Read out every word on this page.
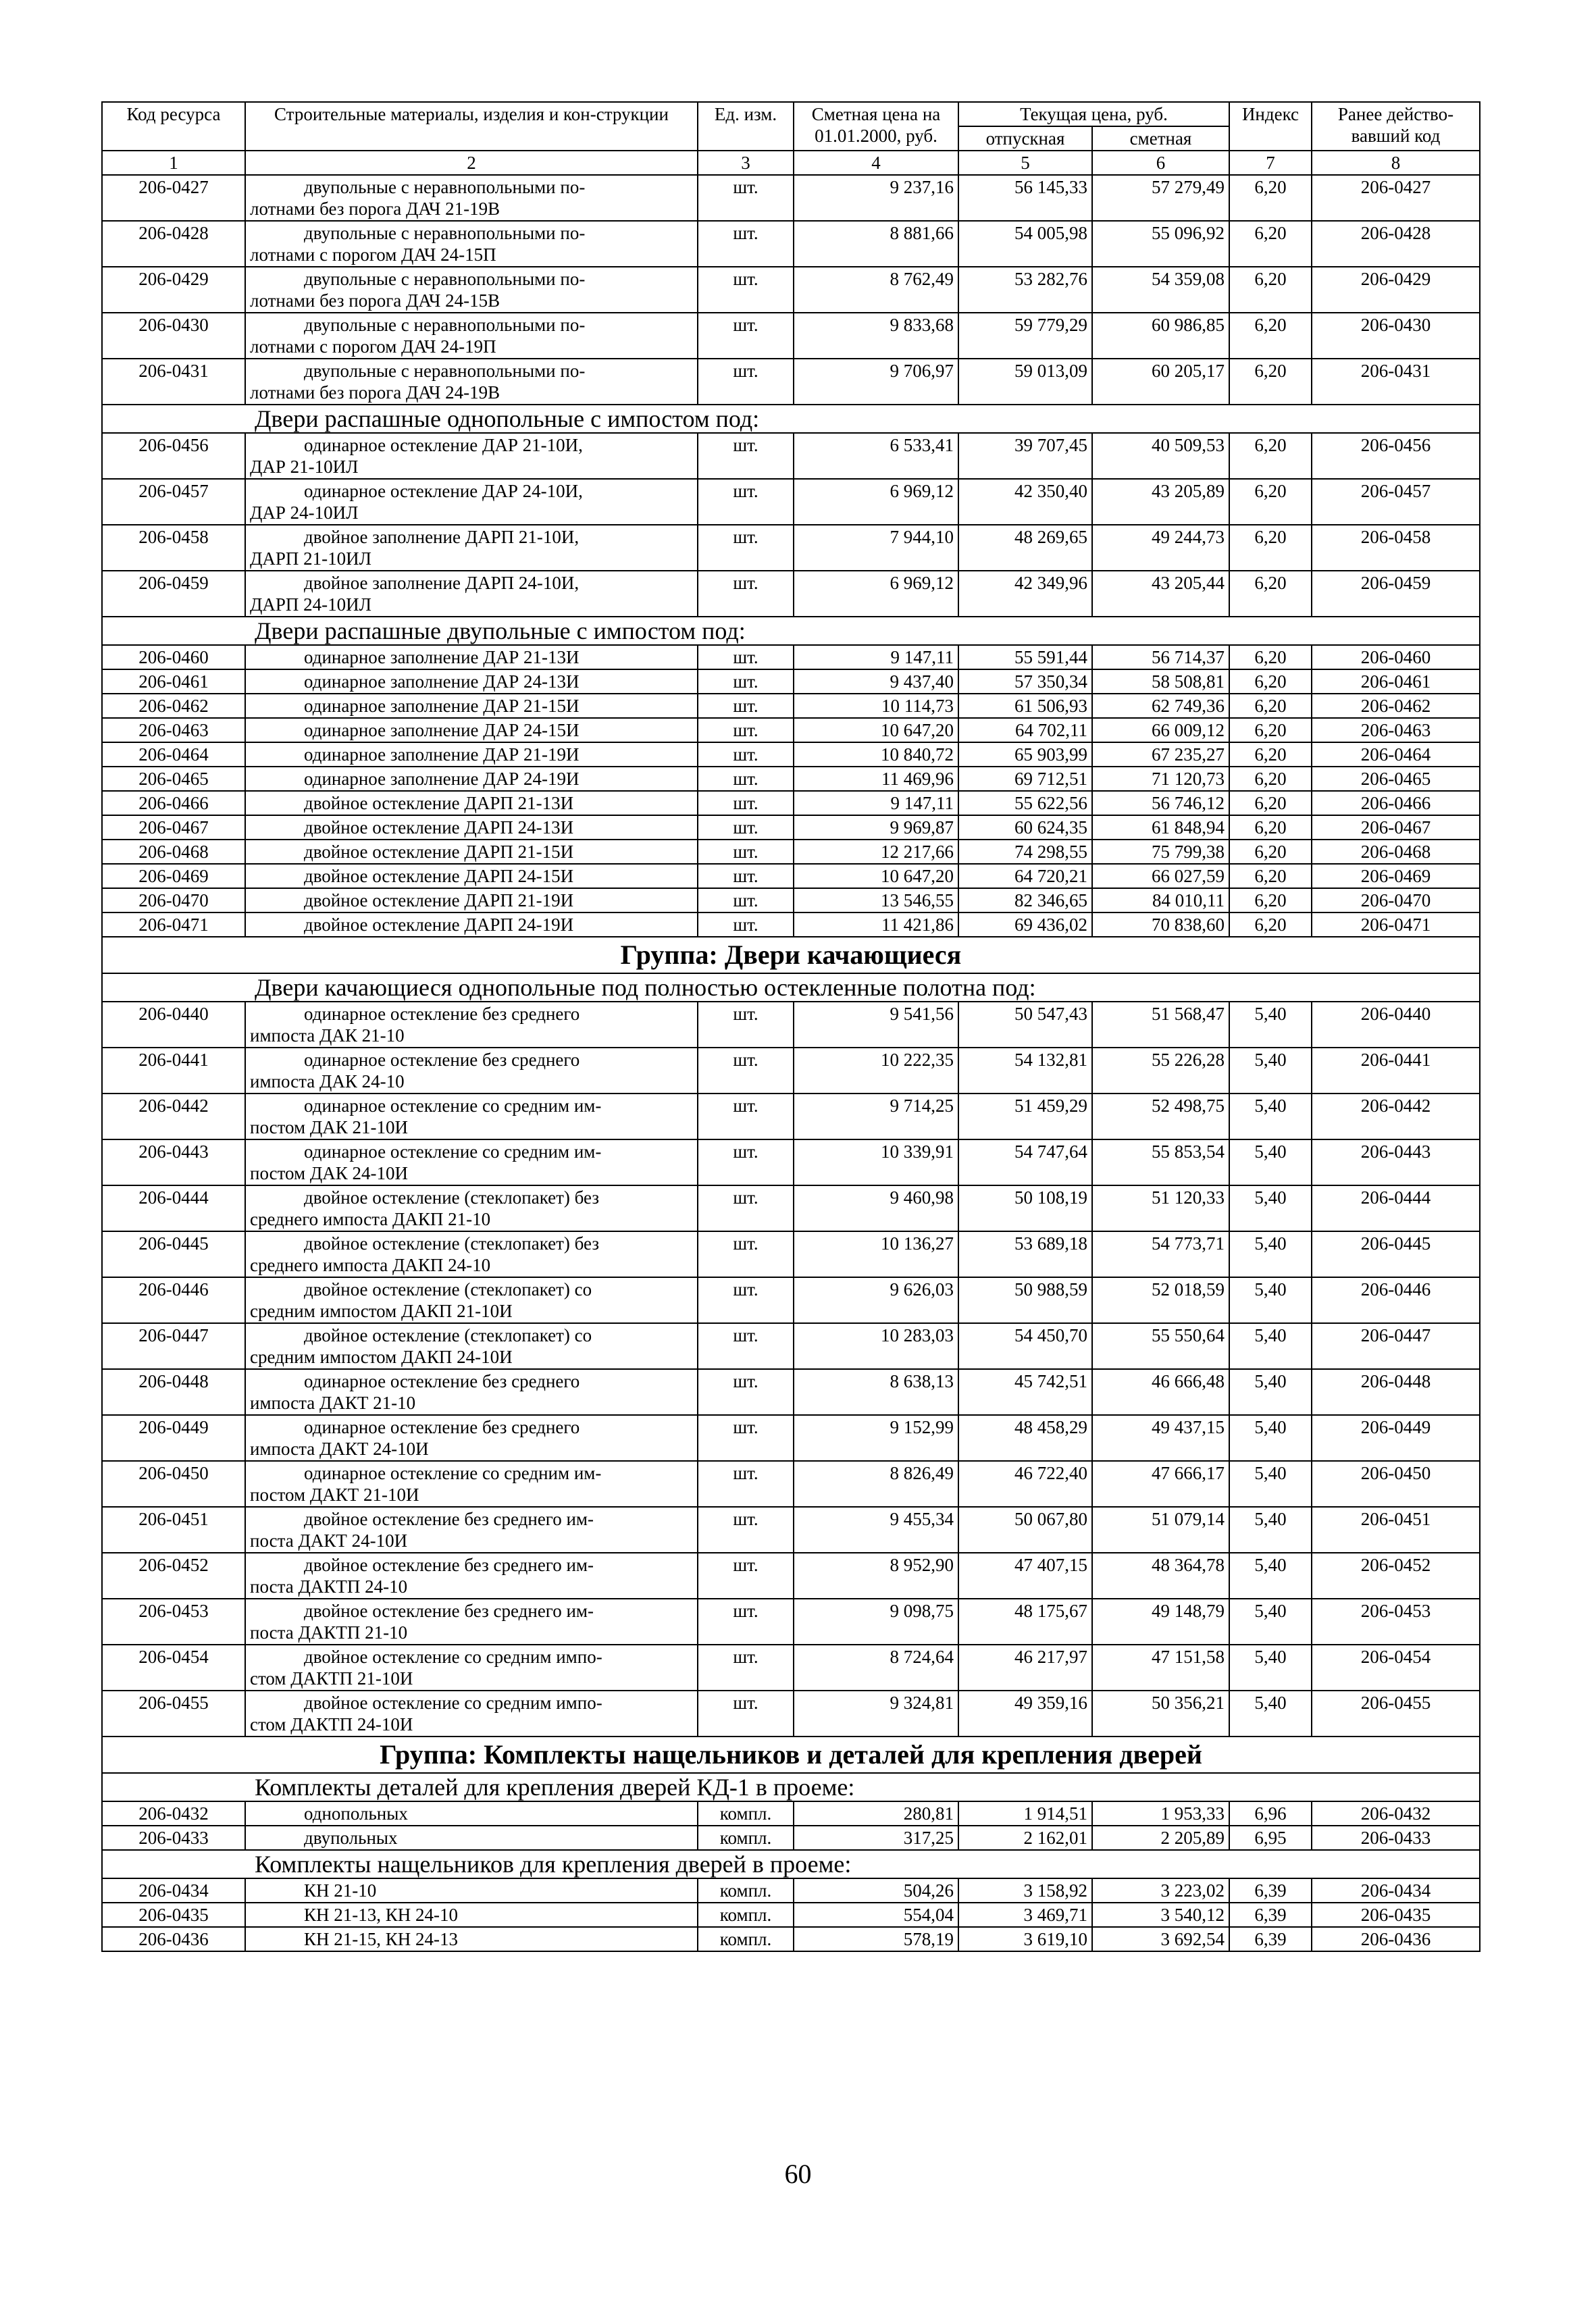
Код ресурса	Строительные материалы, изделия и кон-струкции	Ед. изм.	Сметная цена на 01.01.2000, руб.	Текущая цена, руб.		Индекс	Ранее действо-вавший код
				отпускная	сметная		
1	2	3	4	5	6	7	8
206-0427	двупольные с неравнопольными по-
лотнами без порога ДАЧ 21-19В	шт.	9 237,16	56 145,33	57 279,49	6,20	206-0427
206-0428	двупольные с неравнопольными по-
лотнами с порогом ДАЧ 24-15П	шт.	8 881,66	54 005,98	55 096,92	6,20	206-0428
206-0429	двупольные с неравнопольными по-
лотнами без порога ДАЧ 24-15В	шт.	8 762,49	53 282,76	54 359,08	6,20	206-0429
206-0430	двупольные с неравнопольными по-
лотнами с порогом ДАЧ 24-19П	шт.	9 833,68	59 779,29	60 986,85	6,20	206-0430
206-0431	двупольные с неравнопольными по-
лотнами без порога ДАЧ 24-19В	шт.	9 706,97	59 013,09	60 205,17	6,20	206-0431
Двери распашные однопольные с импостом под:							
206-0456	одинарное остекление ДАР 21-10И,
ДАР 21-10ИЛ	шт.	6 533,41	39 707,45	40 509,53	6,20	206-0456
206-0457	одинарное остекление ДАР 24-10И,
ДАР 24-10ИЛ	шт.	6 969,12	42 350,40	43 205,89	6,20	206-0457
206-0458	двойное заполнение ДАРП 21-10И,
ДАРП 21-10ИЛ	шт.	7 944,10	48 269,65	49 244,73	6,20	206-0458
206-0459	двойное заполнение ДАРП 24-10И,
ДАРП 24-10ИЛ	шт.	6 969,12	42 349,96	43 205,44	6,20	206-0459
Двери распашные двупольные с импостом под:							
206-0460	одинарное заполнение ДАР 21-13И	шт.	9 147,11	55 591,44	56 714,37	6,20	206-0460
206-0461	одинарное заполнение ДАР 24-13И	шт.	9 437,40	57 350,34	58 508,81	6,20	206-0461
206-0462	одинарное заполнение ДАР 21-15И	шт.	10 114,73	61 506,93	62 749,36	6,20	206-0462
206-0463	одинарное заполнение ДАР 24-15И	шт.	10 647,20	64 702,11	66 009,12	6,20	206-0463
206-0464	одинарное заполнение ДАР 21-19И	шт.	10 840,72	65 903,99	67 235,27	6,20	206-0464
206-0465	одинарное заполнение ДАР 24-19И	шт.	11 469,96	69 712,51	71 120,73	6,20	206-0465
206-0466	двойное остекление ДАРП 21-13И	шт.	9 147,11	55 622,56	56 746,12	6,20	206-0466
206-0467	двойное остекление ДАРП 24-13И	шт.	9 969,87	60 624,35	61 848,94	6,20	206-0467
206-0468	двойное остекление ДАРП 21-15И	шт.	12 217,66	74 298,55	75 799,38	6,20	206-0468
206-0469	двойное остекление ДАРП 24-15И	шт.	10 647,20	64 720,21	66 027,59	6,20	206-0469
206-0470	двойное остекление ДАРП 21-19И	шт.	13 546,55	82 346,65	84 010,11	6,20	206-0470
206-0471	двойное остекление ДАРП 24-19И	шт.	11 421,86	69 436,02	70 838,60	6,20	206-0471
Группа: Двери качающиеся							
Двери качающиеся однопольные под полностью остекленные полотна под:							
206-0440	одинарное остекление без среднего
импоста ДАК 21-10	шт.	9 541,56	50 547,43	51 568,47	5,40	206-0440
206-0441	одинарное остекление без среднего
импоста ДАК 24-10	шт.	10 222,35	54 132,81	55 226,28	5,40	206-0441
206-0442	одинарное остекление со средним им-
постом ДАК 21-10И	шт.	9 714,25	51 459,29	52 498,75	5,40	206-0442
206-0443	одинарное остекление со средним им-
постом ДАК 24-10И	шт.	10 339,91	54 747,64	55 853,54	5,40	206-0443
206-0444	двойное остекление (стеклопакет) без
среднего импоста ДАКП 21-10	шт.	9 460,98	50 108,19	51 120,33	5,40	206-0444
206-0445	двойное остекление (стеклопакет) без
среднего импоста ДАКП 24-10	шт.	10 136,27	53 689,18	54 773,71	5,40	206-0445
206-0446	двойное остекление (стеклопакет) со
средним импостом ДАКП 21-10И	шт.	9 626,03	50 988,59	52 018,59	5,40	206-0446
206-0447	двойное остекление (стеклопакет) со
средним импостом ДАКП 24-10И	шт.	10 283,03	54 450,70	55 550,64	5,40	206-0447
206-0448	одинарное остекление без среднего
импоста ДАКТ 21-10	шт.	8 638,13	45 742,51	46 666,48	5,40	206-0448
206-0449	одинарное остекление без среднего
импоста ДАКТ 24-10И	шт.	9 152,99	48 458,29	49 437,15	5,40	206-0449
206-0450	одинарное остекление со средним им-
постом ДАКТ 21-10И	шт.	8 826,49	46 722,40	47 666,17	5,40	206-0450
206-0451	двойное остекление без среднего им-
поста ДАКТ 24-10И	шт.	9 455,34	50 067,80	51 079,14	5,40	206-0451
206-0452	двойное остекление без среднего им-
поста ДАКТП 24-10	шт.	8 952,90	47 407,15	48 364,78	5,40	206-0452
206-0453	двойное остекление без среднего им-
поста ДАКТП 21-10	шт.	9 098,75	48 175,67	49 148,79	5,40	206-0453
206-0454	двойное остекление со средним импо-
стом ДАКТП 21-10И	шт.	8 724,64	46 217,97	47 151,58	5,40	206-0454
206-0455	двойное остекление со средним импо-
стом ДАКТП 24-10И	шт.	9 324,81	49 359,16	50 356,21	5,40	206-0455
Группа: Комплекты нащельников и деталей для крепления дверей							
Комплекты деталей для крепления дверей КД-1 в проеме:							
206-0432	однопольных	компл.	280,81	1 914,51	1 953,33	6,96	206-0432
206-0433	двупольных	компл.	317,25	2 162,01	2 205,89	6,95	206-0433
Комплекты нащельников для крепления дверей в проеме:							
206-0434	КН 21-10	компл.	504,26	3 158,92	3 223,02	6,39	206-0434
206-0435	КН 21-13, КН 24-10	компл.	554,04	3 469,71	3 540,12	6,39	206-0435
206-0436	КН 21-15, КН 24-13	компл.	578,19	3 619,10	3 692,54	6,39	206-0436
60
